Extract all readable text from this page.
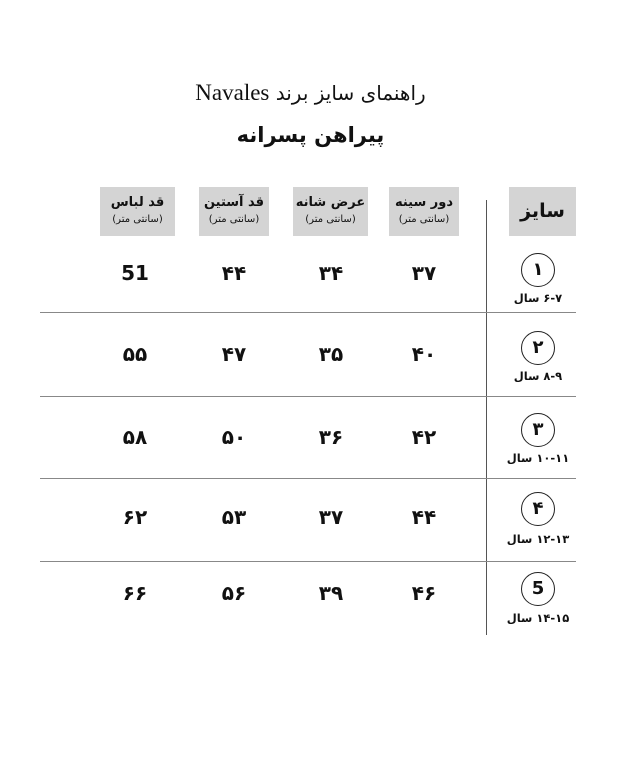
راهنمای سایز برند Navales
پیراهن پسرانه
دور سینه
(سانتی متر)
عرض شانه
(سانتی متر)
قد آستین
(سانتی متر)
قد لباس
(سانتی متر)	سایز
۱
۶-۷ سال
۳۷
۳۴
۴۴
51
۲
۸-۹ سال
۴۰
۳۵
۴۷
۵۵
۳
۱۰-۱۱ سال
۴۲
۳۶
۵۰
۵۸
۴
۱۲-۱۳ سال
۴۴
۳۷
۵۳
۶۲
5
۱۴-۱۵ سال
۴۶
۳۹
۵۶
۶۶
